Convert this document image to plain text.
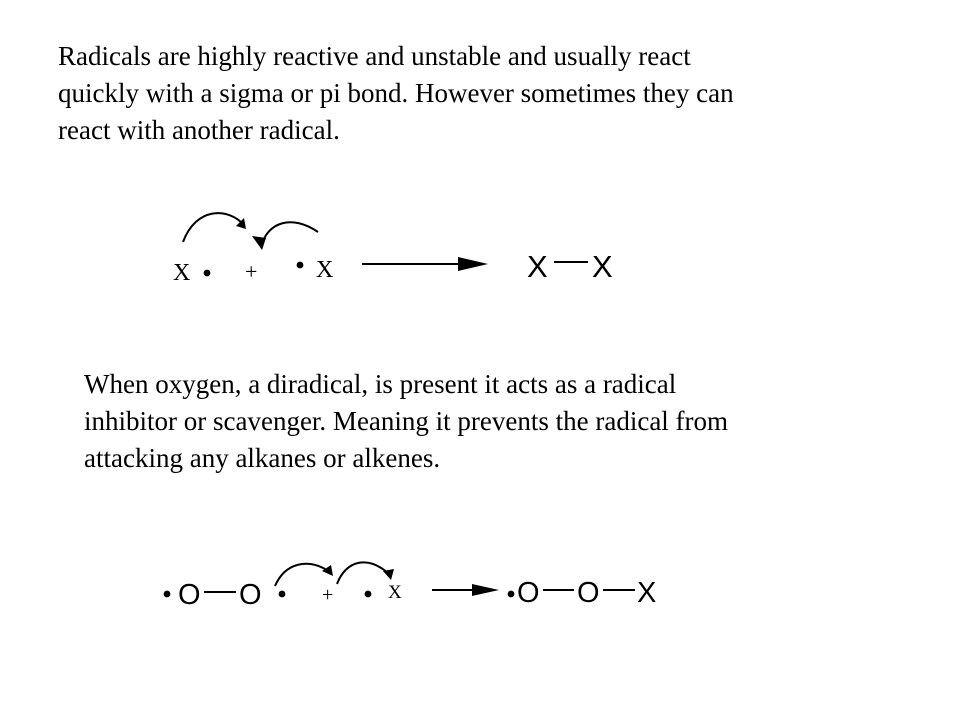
Radicals are highly reactive and unstable and usually react
quickly with a sigma or pi bond. However sometimes they can
react with another radical.

X + X	X X

When oxygen, a diradical, is present it acts as a radical
inhibitor or scavenger. Meaning it prevents the radical from
attacking any alkanes or alkenes.

O O	+	X	O O X
